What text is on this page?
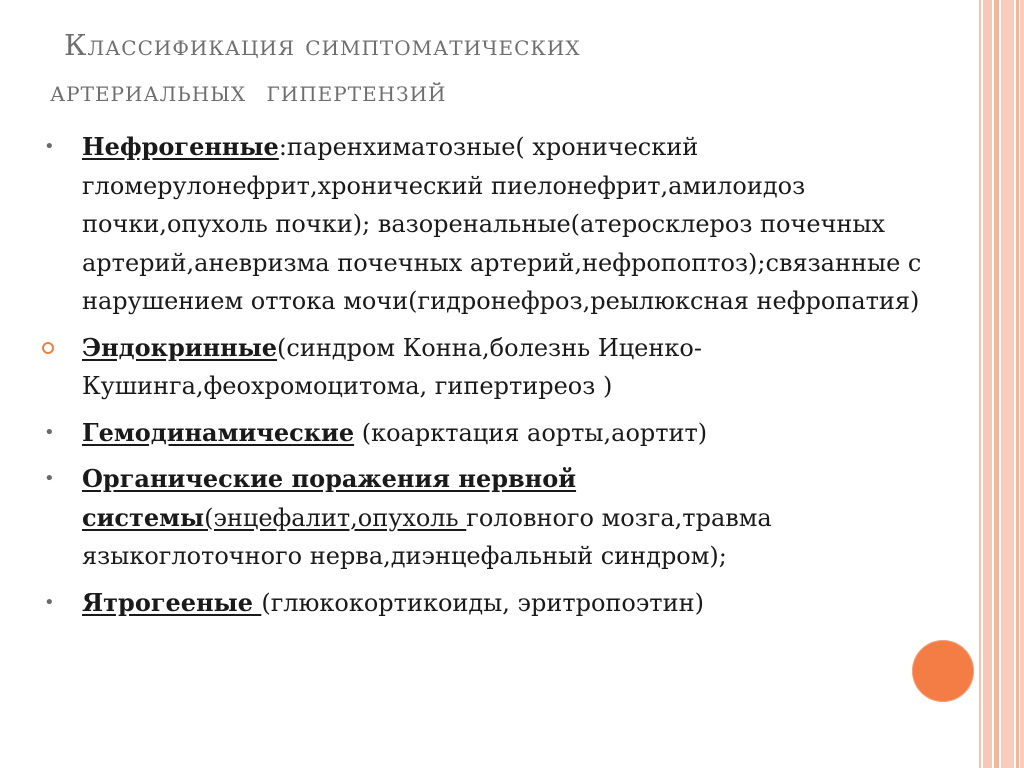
Классификация симптоматических
артериальных  гипертензий
• Нефрогенные:паренхиматозные( хронический гломерулонефрит,хронический пиелонефрит,амилоидоз почки,опухоль почки); вазоренальные(атеросклероз почечных артерий,аневризма почечных артерий,нефропоптоз);связанные с нарушением оттока мочи(гидронефроз,реылюксная нефропатия)
Эндокринные(синдром Конна,болезнь Иценко-Кушинга,феохромоцитома, гипертиреоз )
• Гемодинамические (коарктация аорты,аортит)
• Органические поражения нервной системы(энцефалит,опухоль головного мозга,травма языкоглоточного нерва,диэнцефальный синдром);
• Ятрогееные (глюкокортикоиды, эритропоэтин)
